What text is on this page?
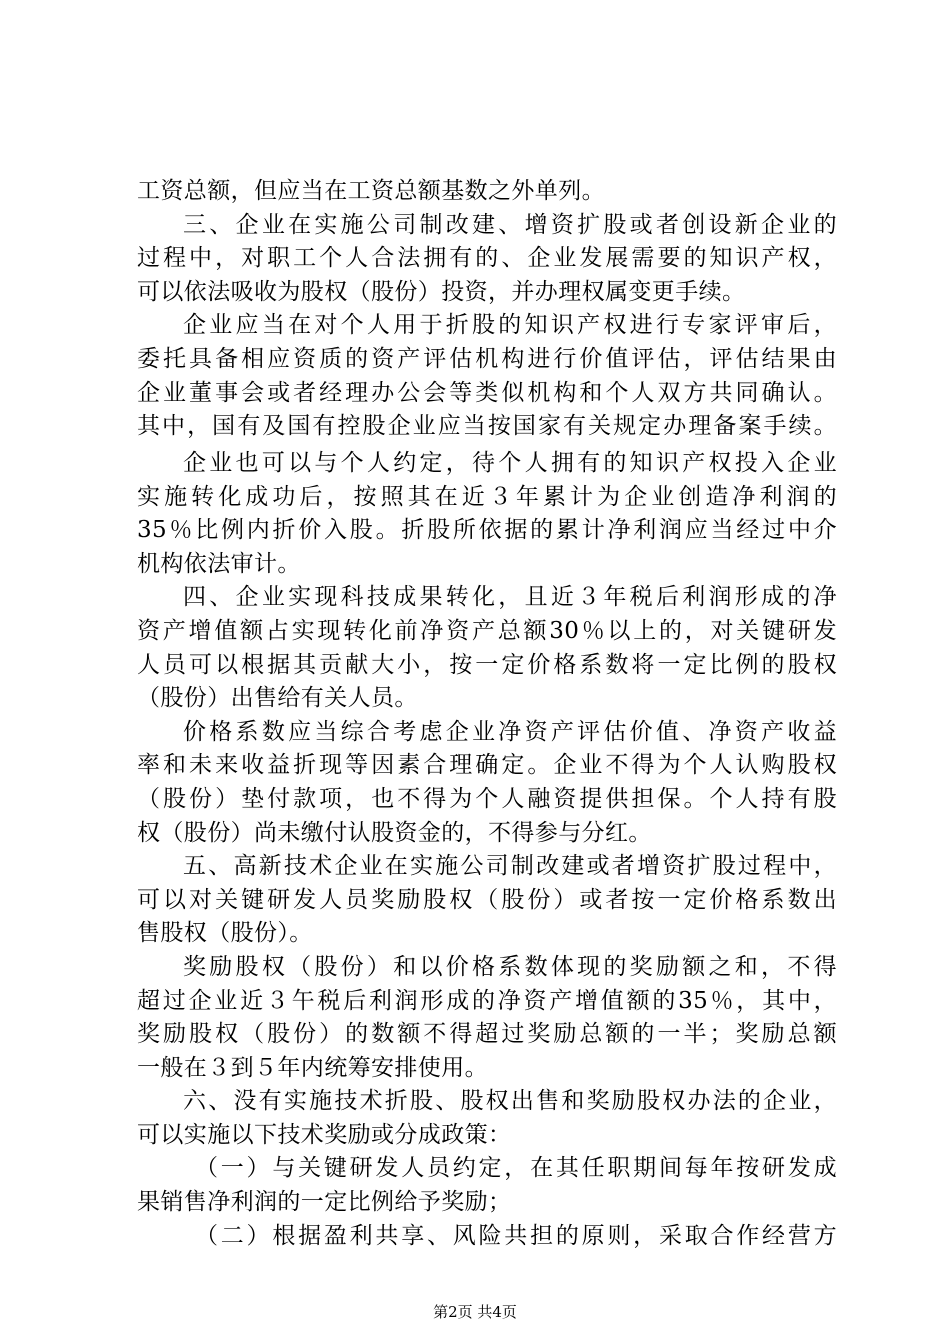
工资总额，但应当在工资总额基数之外单列。
三、企业在实施公司制改建、增资扩股或者创设新企业的
过程中，对职工个人合法拥有的、企业发展需要的知识产权，
可以依法吸收为股权（股份）投资，并办理权属变更手续。
企业应当在对个人用于折股的知识产权进行专家评审后，
委托具备相应资质的资产评估机构进行价值评估，评估结果由
企业董事会或者经理办公会等类似机构和个人双方共同确认。
其中，国有及国有控股企业应当按国家有关规定办理备案手续。
企业也可以与个人约定，待个人拥有的知识产权投入企业
实施转化成功后，按照其在近３年累计为企业创造净利润的
35％比例内折价入股。折股所依据的累计净利润应当经过中介
机构依法审计。
四、企业实现科技成果转化，且近３年税后利润形成的净
资产增值额占实现转化前净资产总额30％以上的，对关键研发
人员可以根据其贡献大小，按一定价格系数将一定比例的股权
（股份）出售给有关人员。
价格系数应当综合考虑企业净资产评估价值、净资产收益
率和未来收益折现等因素合理确定。企业不得为个人认购股权
（股份）垫付款项，也不得为个人融资提供担保。个人持有股
权（股份）尚未缴付认股资金的，不得参与分红。
五、高新技术企业在实施公司制改建或者增资扩股过程中，
可以对关键研发人员奖励股权（股份）或者按一定价格系数出
售股权（股份）。
奖励股权（股份）和以价格系数体现的奖励额之和，不得
超过企业近３午税后利润形成的净资产增值额的35％，其中，
奖励股权（股份）的数额不得超过奖励总额的一半；奖励总额
一般在３到５年内统筹安排使用。
六、没有实施技术折股、股权出售和奖励股权办法的企业，
可以实施以下技术奖励或分成政策：
（一）与关键研发人员约定，在其任职期间每年按研发成
果销售净利润的一定比例给予奖励；
（二）根据盈利共享、风险共担的原则，采取合作经营方
第2页 共4页
